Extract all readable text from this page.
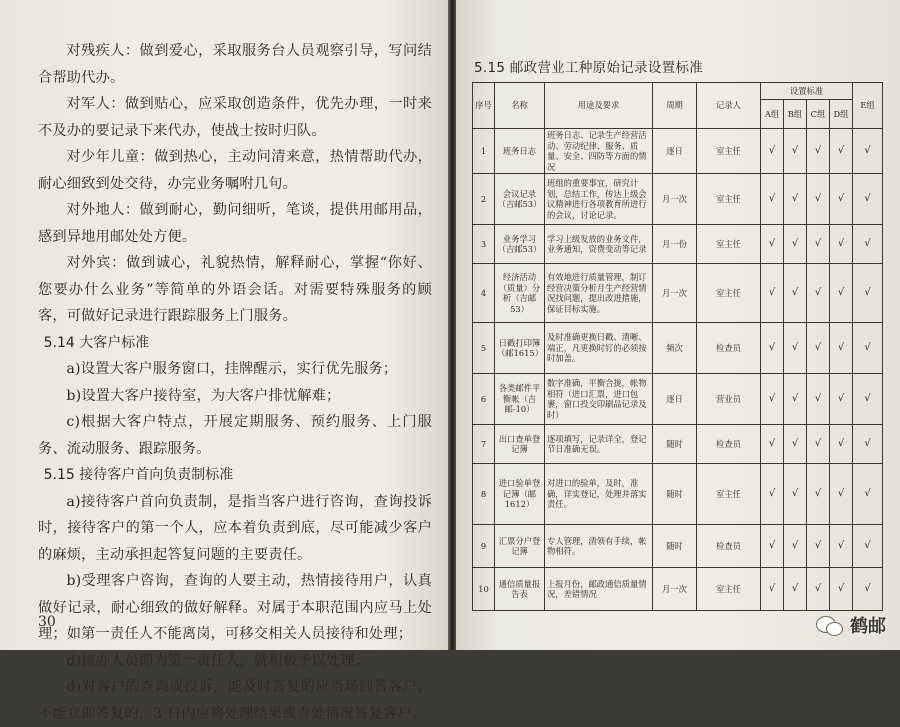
对残疾人：做到爱心，采取服务台人员观察引导，写问结合帮助代办。

对军人：做到贴心，应采取创造条件，优先办理，一时来不及办的要记录下来代办，使战士按时归队。

对少年儿童：做到热心，主动问清来意，热情帮助代办，耐心细致到处交待，办完业务嘱咐几句。

对外地人：做到耐心，勤问细听，笔谈，提供用邮用品，感到异地用邮处处方便。

对外宾：做到诚心，礼貌热情，解释耐心，掌握“你好、您要办什么业务”等简单的外语会话。对需要特殊服务的顾客，可做好记录进行跟踪服务上门服务。

5.14 大客户标准

a)设置大客户服务窗口，挂牌醒示，实行优先服务；

b)设置大客户接待室，为大客户排忧解难；

c)根据大客户特点，开展定期服务、预约服务、上门服务、流动服务、跟踪服务。

5.15 接待客户首向负责制标准

a)接待客户首向负责制，是指当客户进行咨询，查询投诉时，接待客户的第一个人，应本着负责到底，尽可能减少客户的麻烦，主动承担起答复问题的主要责任。

b)受理客户咨询，查询的人要主动，热情接待用户，认真做好记录，耐心细致的做好解释。对属于本职范围内应马上处理；如第一责任人不能离岗，可移交相关人员接待和处理；

d)接办人员即为第一责任人，就积极予以处理；

d)对客户的查询或投诉，能及时答复的应当场回答客户，不能立即答复的，3 日内应将处理结果或查处情况答复客户。

30

5.15 邮政营业工种原始记录设置标准

序号	名称	用途及要求	周期	记录人	设置标准				E组
					A组	B组	C组	D组	
1	班务日志	班务日志、记录生产经营活动、劳动纪律、服务、质量、安全、四防等方面的情况	逐日	室主任	√	√	√	√	√
2	会议记录（吉邮53）	班组的重要事宜，研究计划，总结工作，传达上级会议精神进行各项教育所进行的会议，讨论记录。	月一次	室主任	√	√	√	√	√
3	业务学习（吉邮53）	学习上级发放的业务文件，业务通知，资费变动等记录	月一份	室主任	√	√	√	√	√
4	经济活动（质量）分析（吉邮53）	有效地进行质量管理，制订经营决策分析月生产经营情况找问题，提出改进措施，保证目标实施。	月一次	室主任	√	√	√	√	√
5	日戳打印簿（邮1615）	及时准确更换日戳、清晰、端正，凡更换时钉的必须按时加盖。	频次	检查员	√	√	√	√	√
6	各类邮件平衡帐（吉邮-10）	数字准确，平衡合拢，帐物相符（进口汇票，进口包裹，窗口投交印刷品记录及时）	逐日	营业员	√	√	√	√	√
7	出口查单登记簿	逐项填写，记录详全，登记节日准确无误。	随时	检查员	√	√	√	√	√
8	进口验单登记簿（邮1612）	对进口的验单，及时，准确，详实登记，处理并落实责任。	随时	室主任	√	√	√	√	√
9	汇票分户登记簿	专人管理，清领有手续，帐物相符。	随时	检查员	√	√	√	√	√
10	通信质量报告表	上报月份，邮政通信质量情况，差错情况	月一次	室主任	√	√	√	√	√
鹤邮
